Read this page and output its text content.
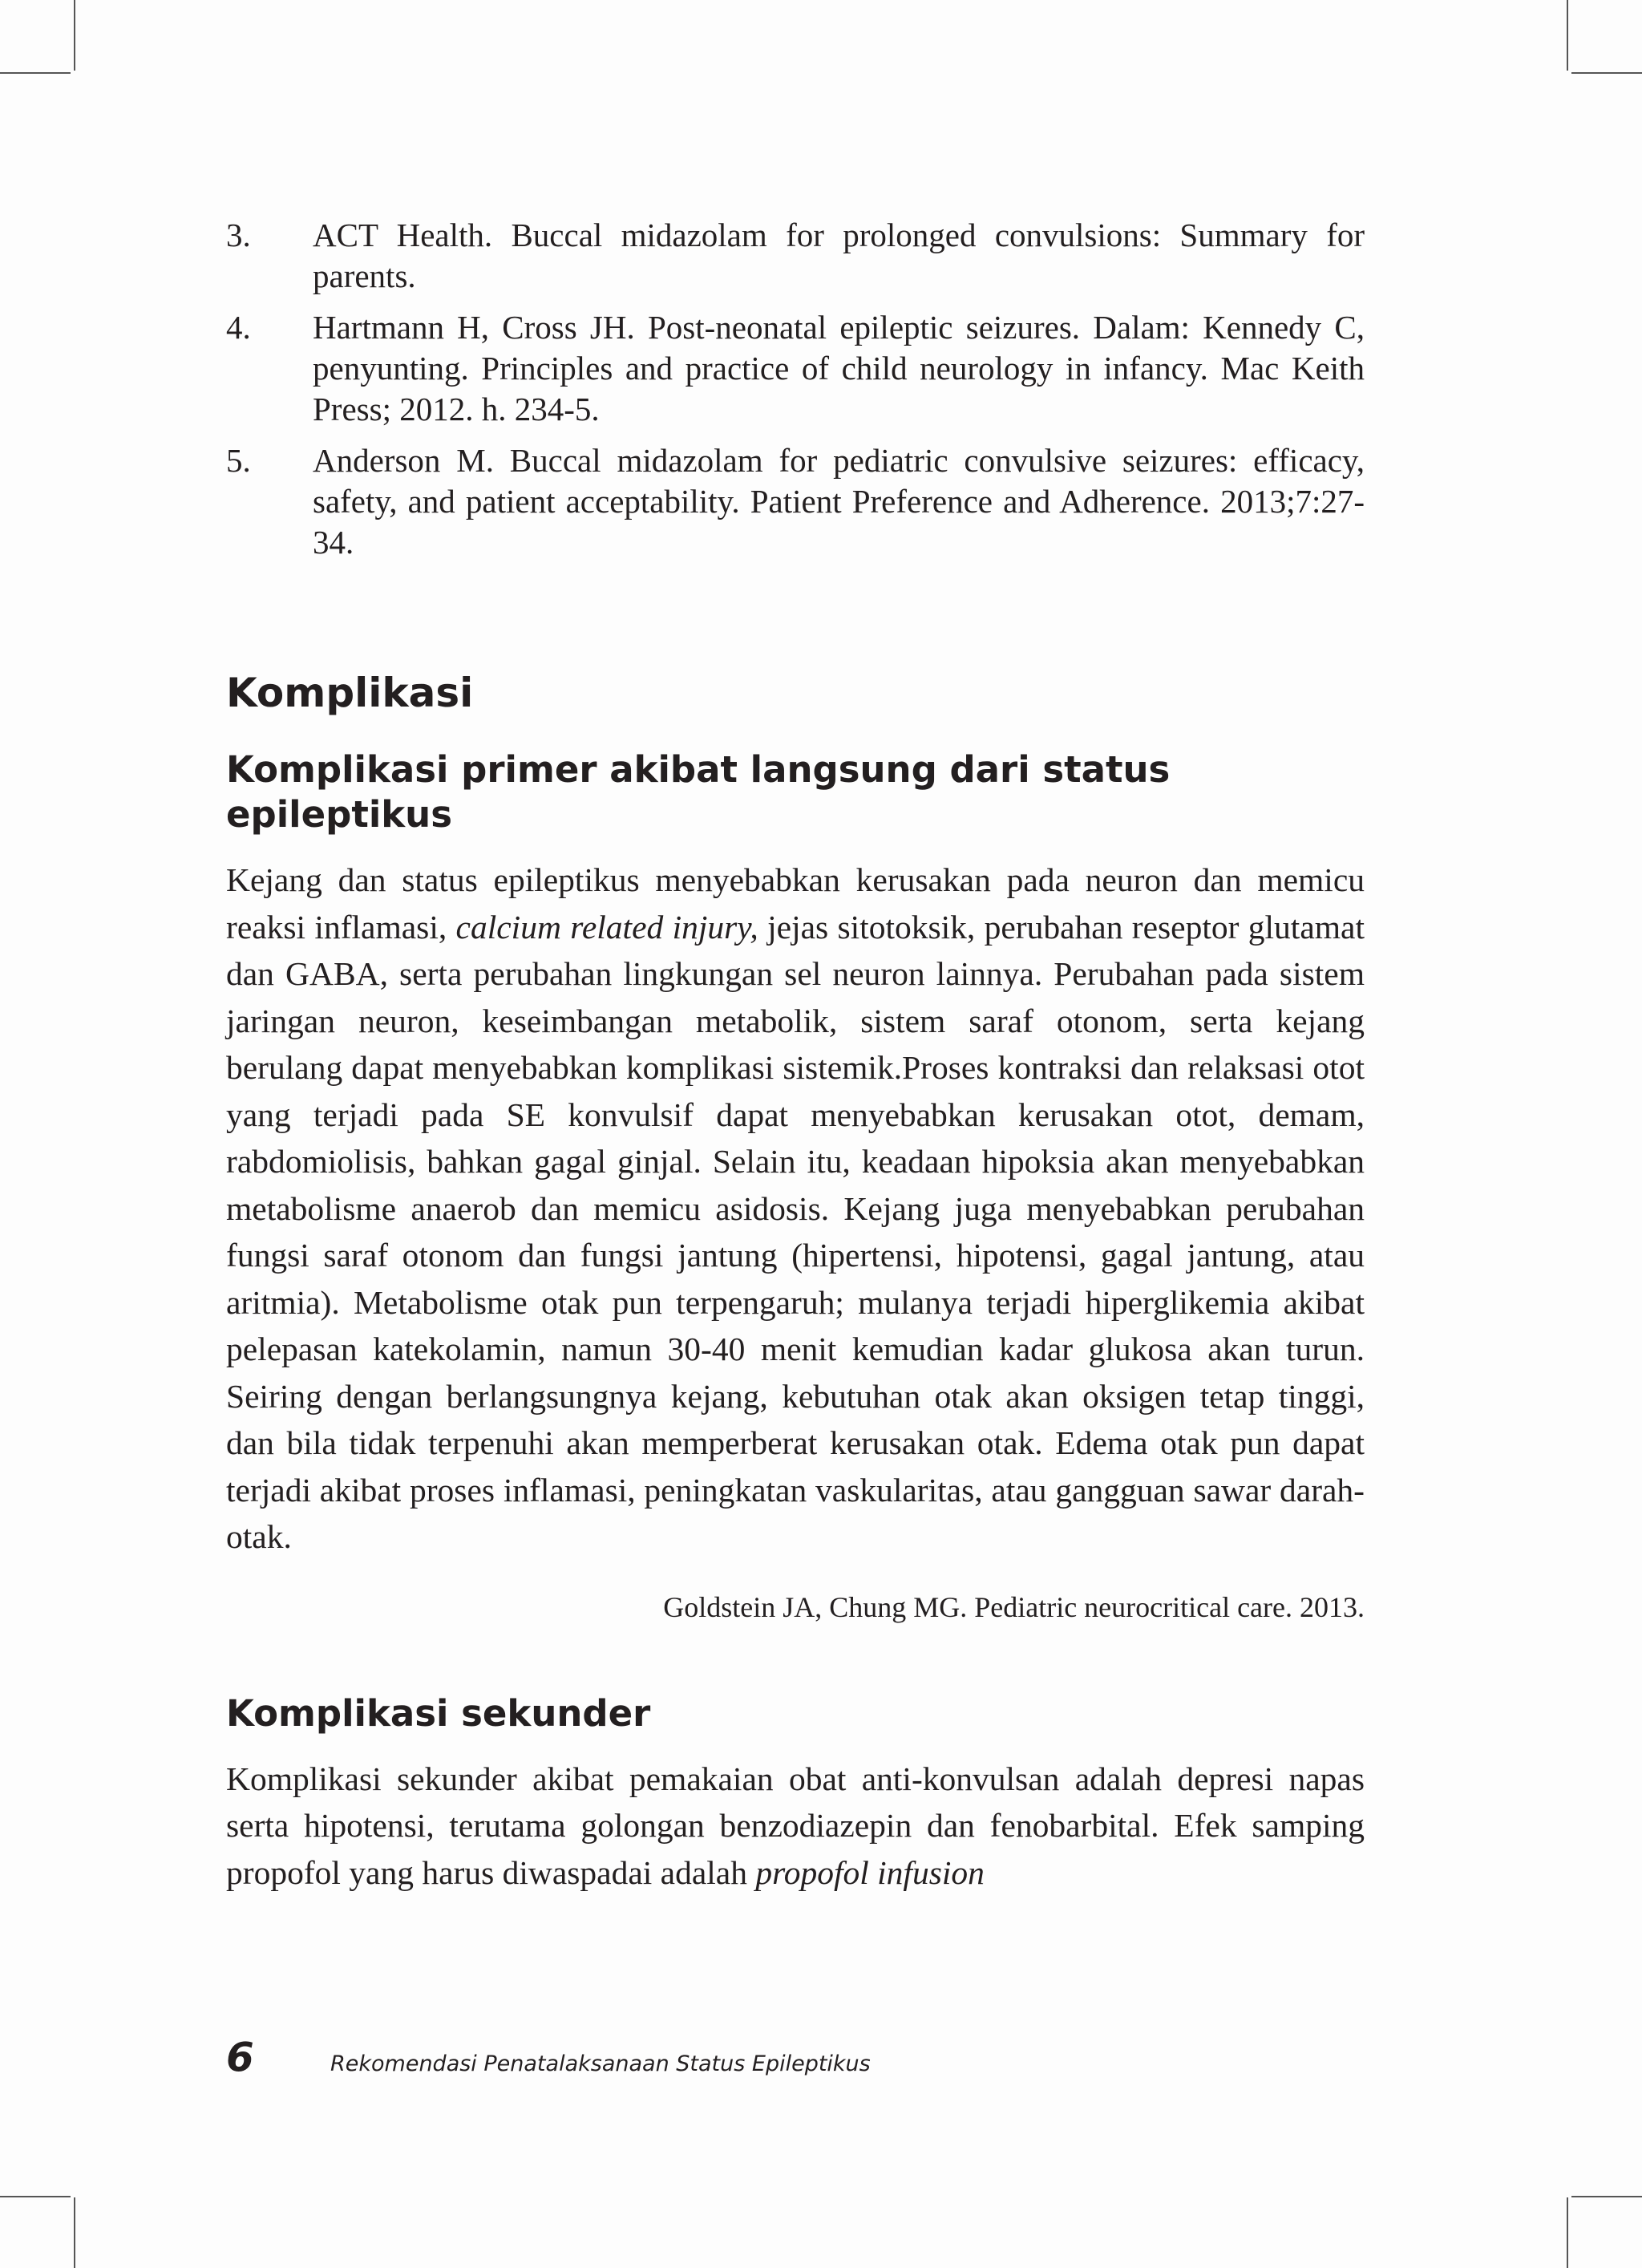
3.	ACT Health. Buccal midazolam for prolonged convulsions: Summary for parents.
4.	Hartmann H, Cross JH. Post-neonatal epileptic seizures. Dalam: Kennedy C, penyunting. Principles and practice of child neurology in infancy. Mac Keith Press; 2012. h. 234-5.
5.	Anderson M. Buccal midazolam for pediatric convulsive seizures: efficacy, safety, and patient acceptability. Patient Preference and Adherence. 2013;7:27-34.
Komplikasi
Komplikasi primer akibat langsung dari status epileptikus

Kejang dan status epileptikus menyebabkan kerusakan pada neuron dan memicu reaksi inflamasi, calcium related injury, jejas sitotoksik, perubahan reseptor glutamat dan GABA, serta perubahan lingkungan sel neuron lainnya. Perubahan pada sistem jaringan neuron, keseimbangan metabolik, sistem saraf otonom, serta kejang berulang dapat menyebabkan komplikasi sistemik.Proses kontraksi dan relaksasi otot yang terjadi pada SE konvulsif dapat menyebabkan kerusakan otot, demam, rabdomiolisis, bahkan gagal ginjal. Selain itu, keadaan hipoksia akan menyebabkan metabolisme anaerob dan memicu asidosis. Kejang juga menyebabkan perubahan fungsi saraf otonom dan fungsi jantung (hipertensi, hipotensi, gagal jantung, atau aritmia). Metabolisme otak pun terpengaruh; mulanya terjadi hiperglikemia akibat pelepasan katekolamin, namun 30-40 menit kemudian kadar glukosa akan turun. Seiring dengan berlangsungnya kejang, kebutuhan otak akan oksigen tetap tinggi, dan bila tidak terpenuhi akan memperberat kerusakan otak. Edema otak pun dapat terjadi akibat proses inflamasi, peningkatan vaskularitas, atau gangguan sawar darah-otak.

Goldstein JA, Chung MG. Pediatric neurocritical care. 2013.
Komplikasi sekunder

Komplikasi sekunder akibat pemakaian obat anti-konvulsan adalah depresi napas serta hipotensi, terutama golongan benzodiazepin dan fenobarbital. Efek samping propofol yang harus diwaspadai adalah propofol infusion

6	Rekomendasi Penatalaksanaan Status Epileptikus
